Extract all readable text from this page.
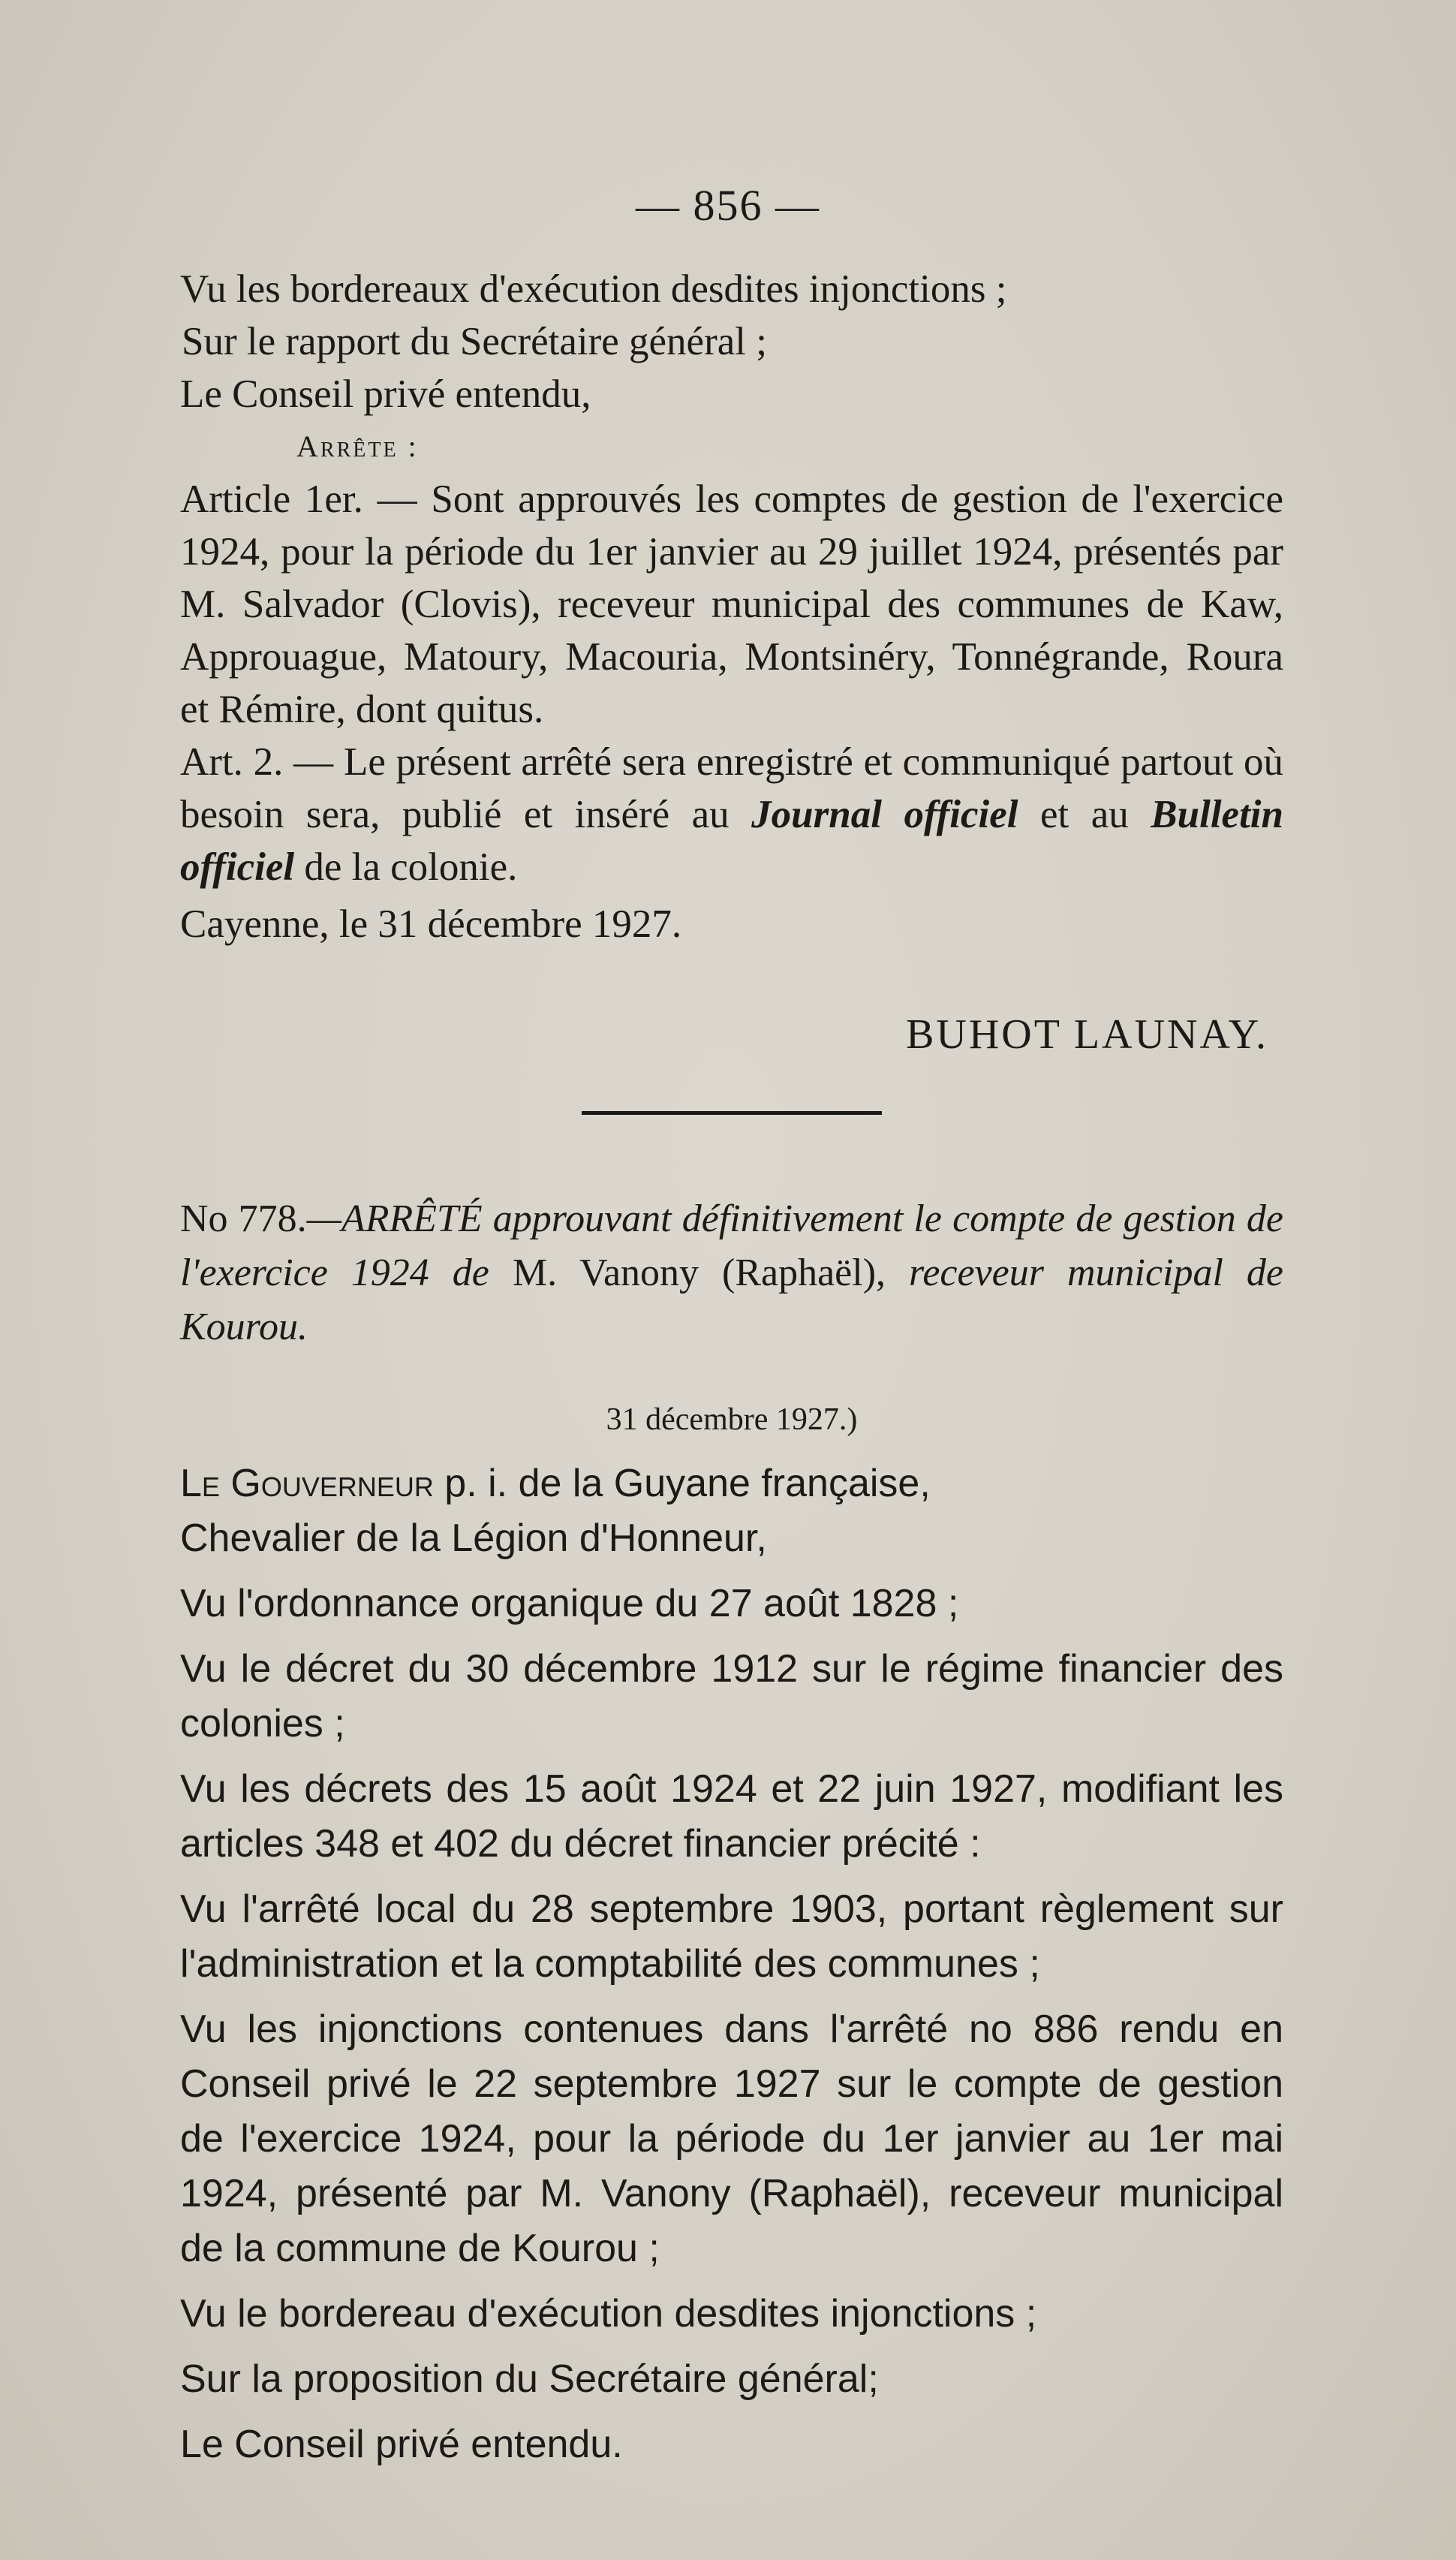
— 856 —

Vu les bordereaux d'exécution desdites injonctions ;

Sur le rapport du Secrétaire général ;

Le Conseil privé entendu,

Arrête :

Article 1er. — Sont approuvés les comptes de gestion de l'exercice 1924, pour la période du 1er janvier au 29 juillet 1924, présentés par M. Salvador (Clovis), receveur municipal des communes de Kaw, Approuague, Matoury, Macouria, Montsinéry, Tonnégrande, Roura et Rémire, dont quitus.

Art. 2. — Le présent arrêté sera enregistré et communiqué partout où besoin sera, publié et inséré au Journal officiel et au Bulletin officiel de la colonie.

Cayenne, le 31 décembre 1927.

BUHOT LAUNAY.

No 778.—ARRÊTÉ approuvant définitivement le compte de gestion de l'exercice 1924 de M. Vanony (Raphaël), receveur municipal de Kourou.

31 décembre 1927.)

Le Gouverneur p. i. de la Guyane française,

Chevalier de la Légion d'Honneur,

Vu l'ordonnance organique du 27 août 1828 ;

Vu le décret du 30 décembre 1912 sur le régime financier des colonies ;

Vu les décrets des 15 août 1924 et 22 juin 1927, modifiant les articles 348 et 402 du décret financier précité :

Vu l'arrêté local du 28 septembre 1903, portant règlement sur l'administration et la comptabilité des communes ;

Vu les injonctions contenues dans l'arrêté no 886 rendu en Conseil privé le 22 septembre 1927 sur le compte de gestion de l'exercice 1924, pour la période du 1er janvier au 1er mai 1924, présenté par M. Vanony (Raphaël), receveur municipal de la commune de Kourou ;

Vu le bordereau d'exécution desdites injonctions ;

Sur la proposition du Secrétaire général;

Le Conseil privé entendu.
